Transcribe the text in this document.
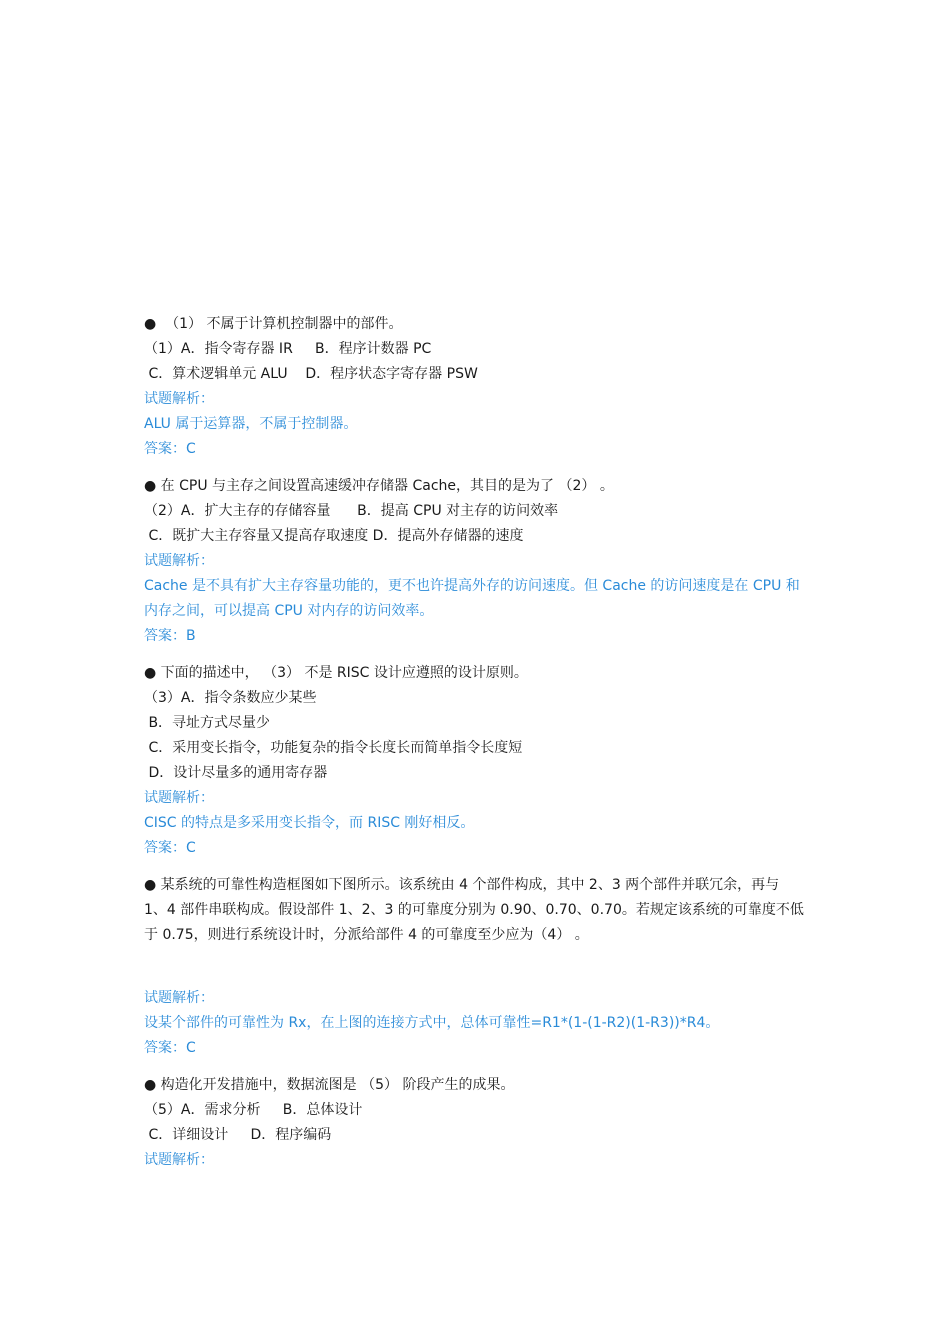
●  （1） 不属于计算机控制器中的部件。
（1）A．指令寄存器 IR     B．程序计数器 PC
C．算术逻辑单元 ALU    D．程序状态字寄存器 PSW
试题解析：
ALU 属于运算器，不属于控制器。
答案：C
● 在 CPU 与主存之间设置高速缓冲存储器 Cache，其目的是为了 （2） 。
（2）A．扩大主存的存储容量      B．提高 CPU 对主存的访问效率
C．既扩大主存容量又提高存取速度 D．提高外存储器的速度
试题解析：
Cache 是不具有扩大主存容量功能的，更不也许提高外存的访问速度。但 Cache 的访问速度是在 CPU 和
内存之间，可以提高 CPU 对内存的访问效率。
答案：B
● 下面的描述中， （3） 不是 RISC 设计应遵照的设计原则。
（3）A．指令条数应少某些
B．寻址方式尽量少
C．采用变长指令，功能复杂的指令长度长而简单指令长度短
D．设计尽量多的通用寄存器
试题解析：
CISC 的特点是多采用变长指令，而 RISC 刚好相反。
答案：C
● 某系统的可靠性构造框图如下图所示。该系统由 4 个部件构成，其中 2、3 两个部件并联冗余，再与
1、4 部件串联构成。假设部件 1、2、3 的可靠度分别为 0.90、0.70、0.70。若规定该系统的可靠度不低
于 0.75，则进行系统设计时，分派给部件 4 的可靠度至少应为（4） 。
试题解析：
设某个部件的可靠性为 Rx，在上图的连接方式中，总体可靠性=R1*(1-(1-R2)(1-R3))*R4。
答案：C
● 构造化开发措施中，数据流图是 （5） 阶段产生的成果。
（5）A．需求分析     B．总体设计
C．详细设计     D．程序编码
试题解析：
